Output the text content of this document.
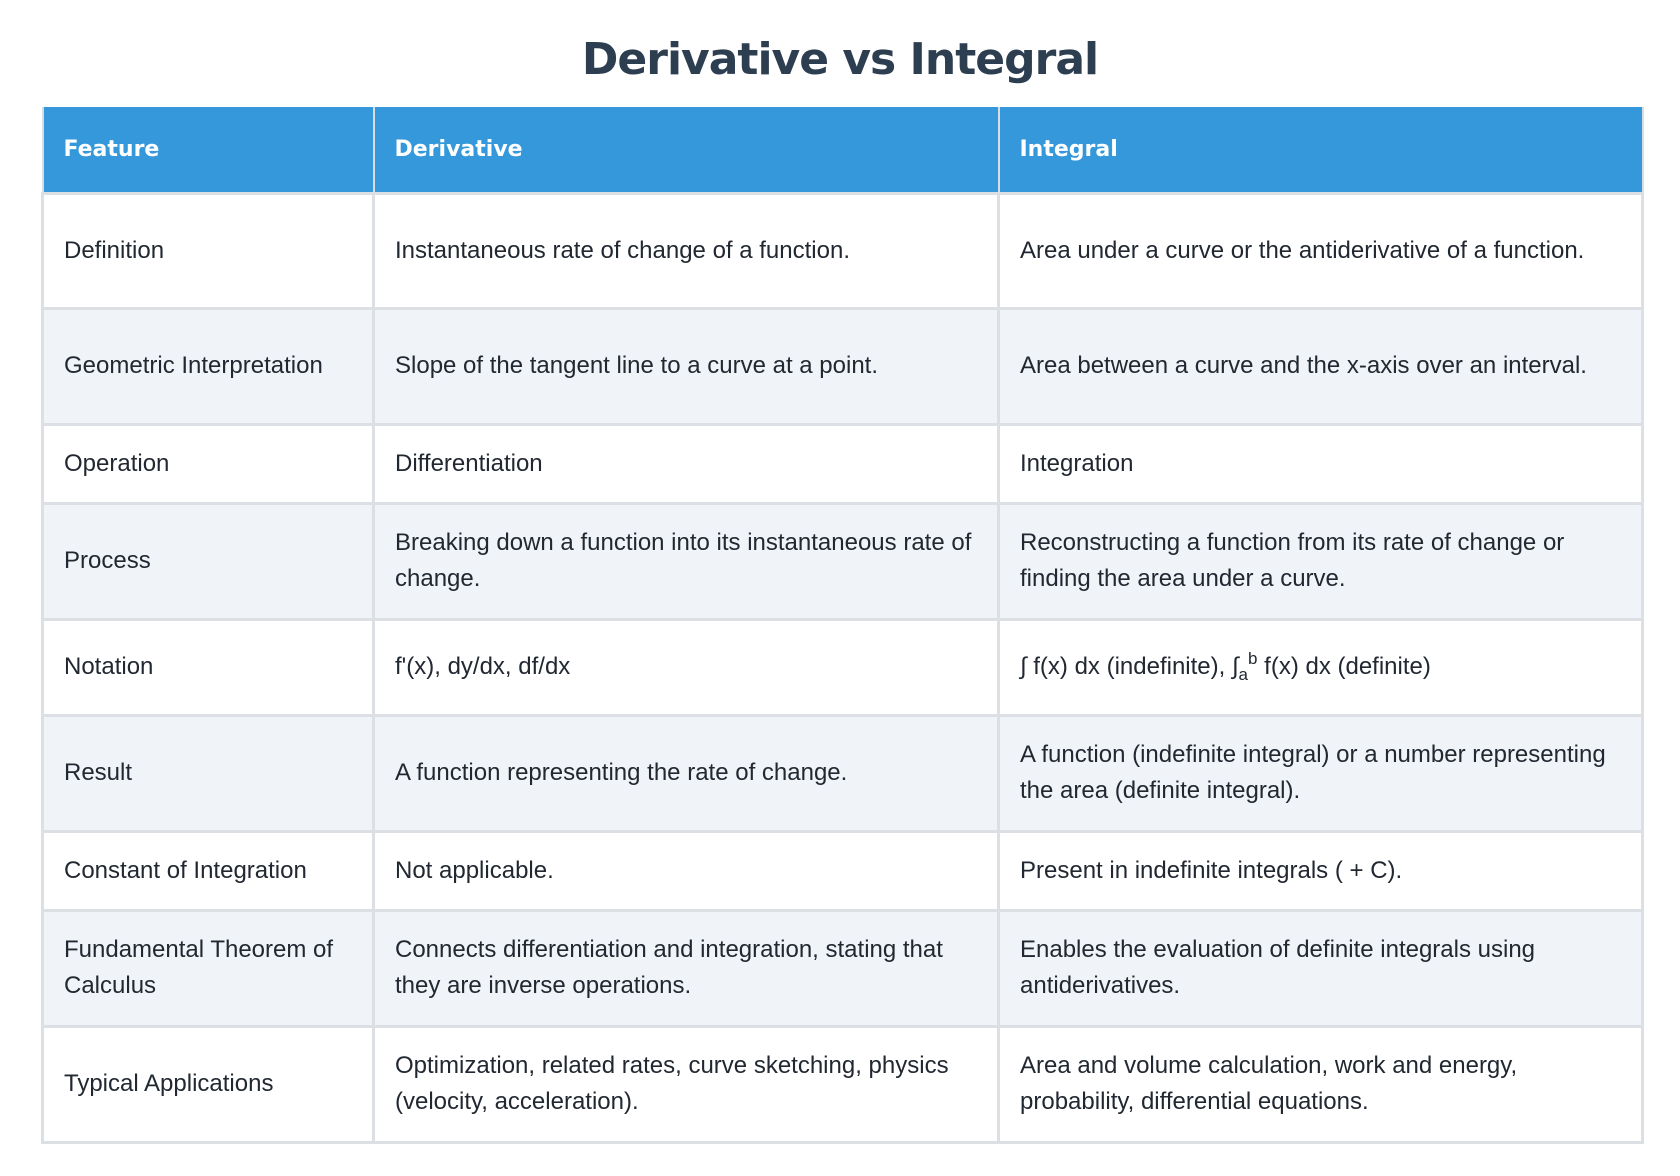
Derivative vs Integral
Feature	Derivative	Integral
Definition	Instantaneous rate of change of a function.	Area under a curve or the antiderivative of a function.
Geometric Interpretation	Slope of the tangent line to a curve at a point.	Area between a curve and the x-axis over an interval.
Operation	Differentiation	Integration
Process	Breaking down a function into its instantaneous rate of change.	Reconstructing a function from its rate of change or finding the area under a curve.
Notation	f'(x), dy/dx, df/dx	∫ f(x) dx (indefinite), $\int_a^b$ f(x) dx (definite)
Result	A function representing the rate of change.	A function (indefinite integral) or a number representing the area (definite integral).
Constant of Integration	Not applicable.	Present in indefinite integrals ( + C).
Fundamental Theorem of Calculus	Connects differentiation and integration, stating that they are inverse operations.	Enables the evaluation of definite integrals using antiderivatives.
Typical Applications	Optimization, related rates, curve sketching, physics (velocity, acceleration).	Area and volume calculation, work and energy, probability, differential equations.
